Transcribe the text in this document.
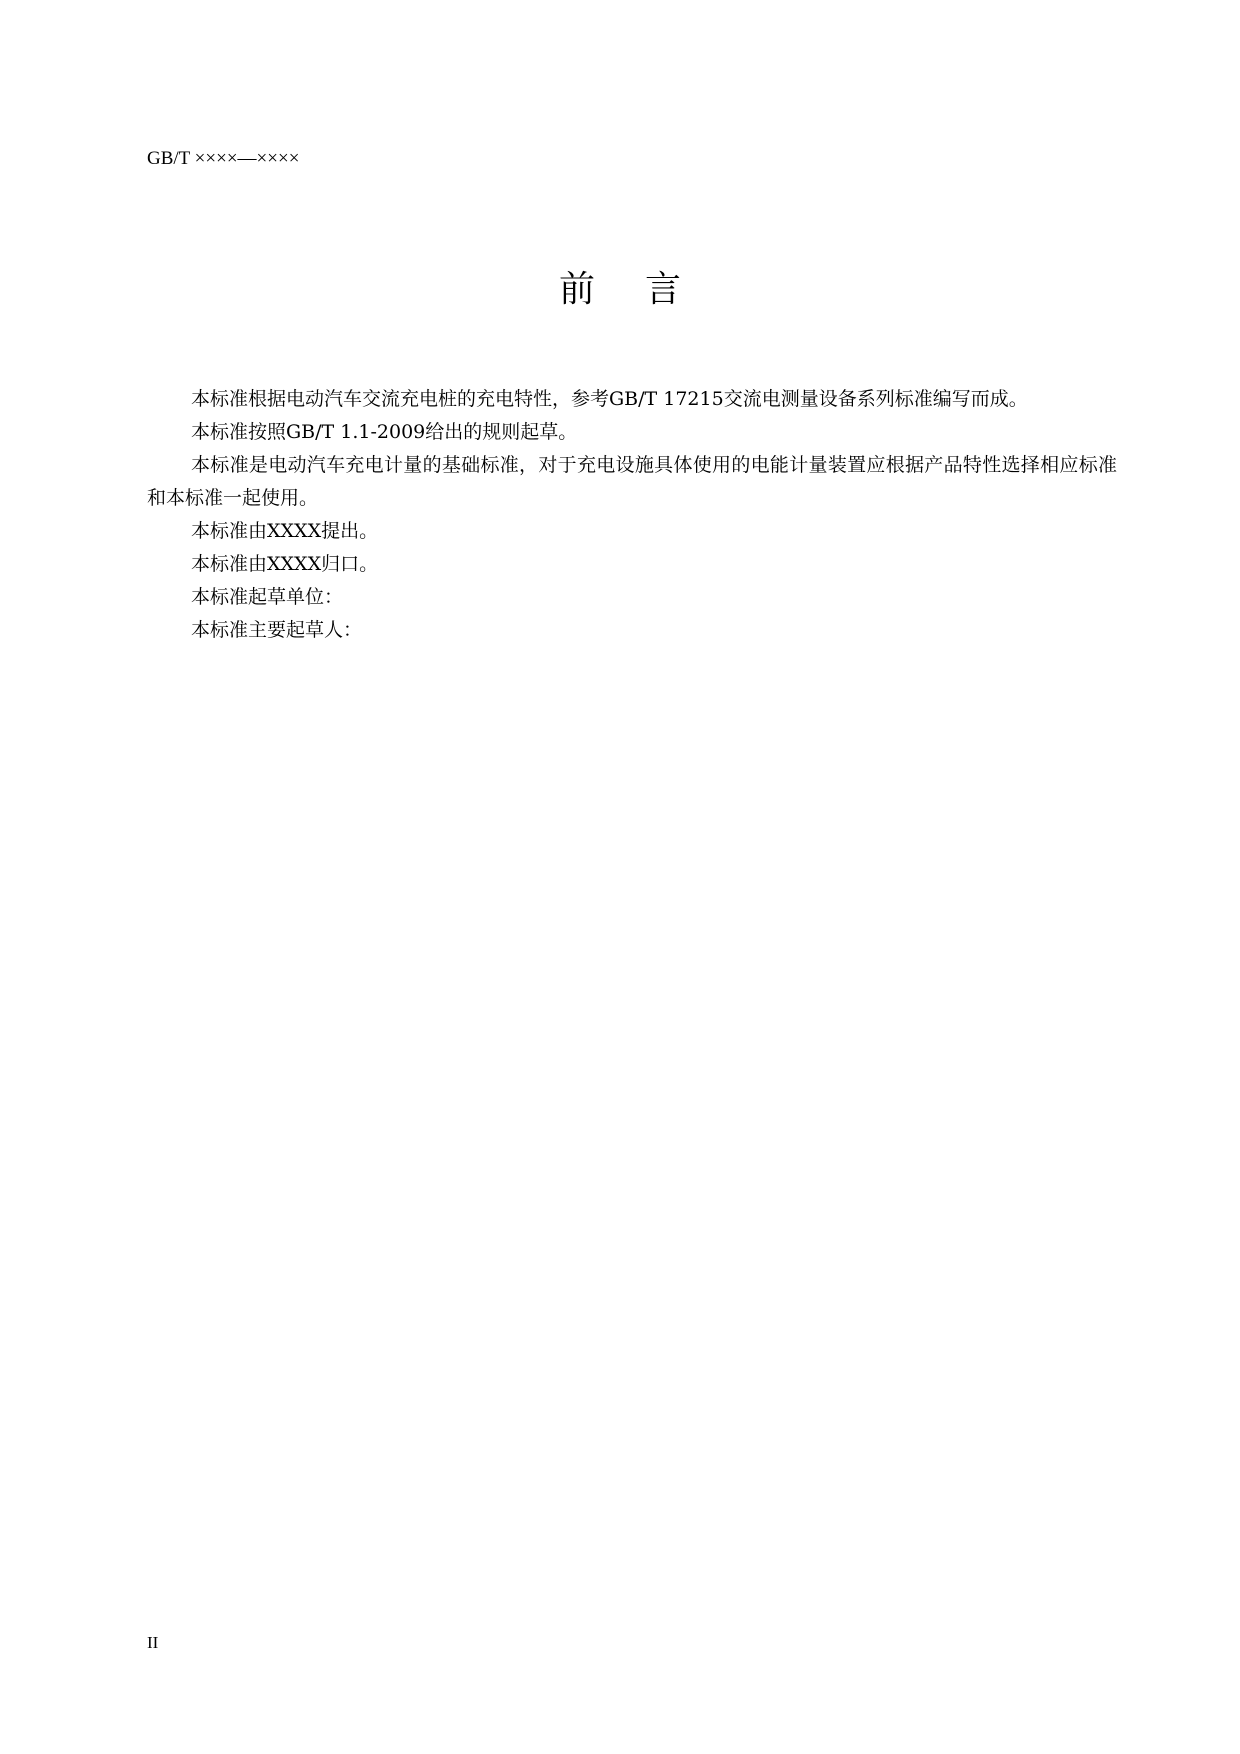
GB/T ××××—××××
前 言

本标准根据电动汽车交流充电桩的充电特性，参考GB/T 17215交流电测量设备系列标准编写而成。

本标准按照GB/T 1.1-2009给出的规则起草。

本标准是电动汽车充电计量的基础标准，对于充电设施具体使用的电能计量装置应根据产品特性选择相应标准和本标准一起使用。

本标准由XXXX提出。

本标准由XXXX归口。

本标准起草单位：

本标准主要起草人：

II
